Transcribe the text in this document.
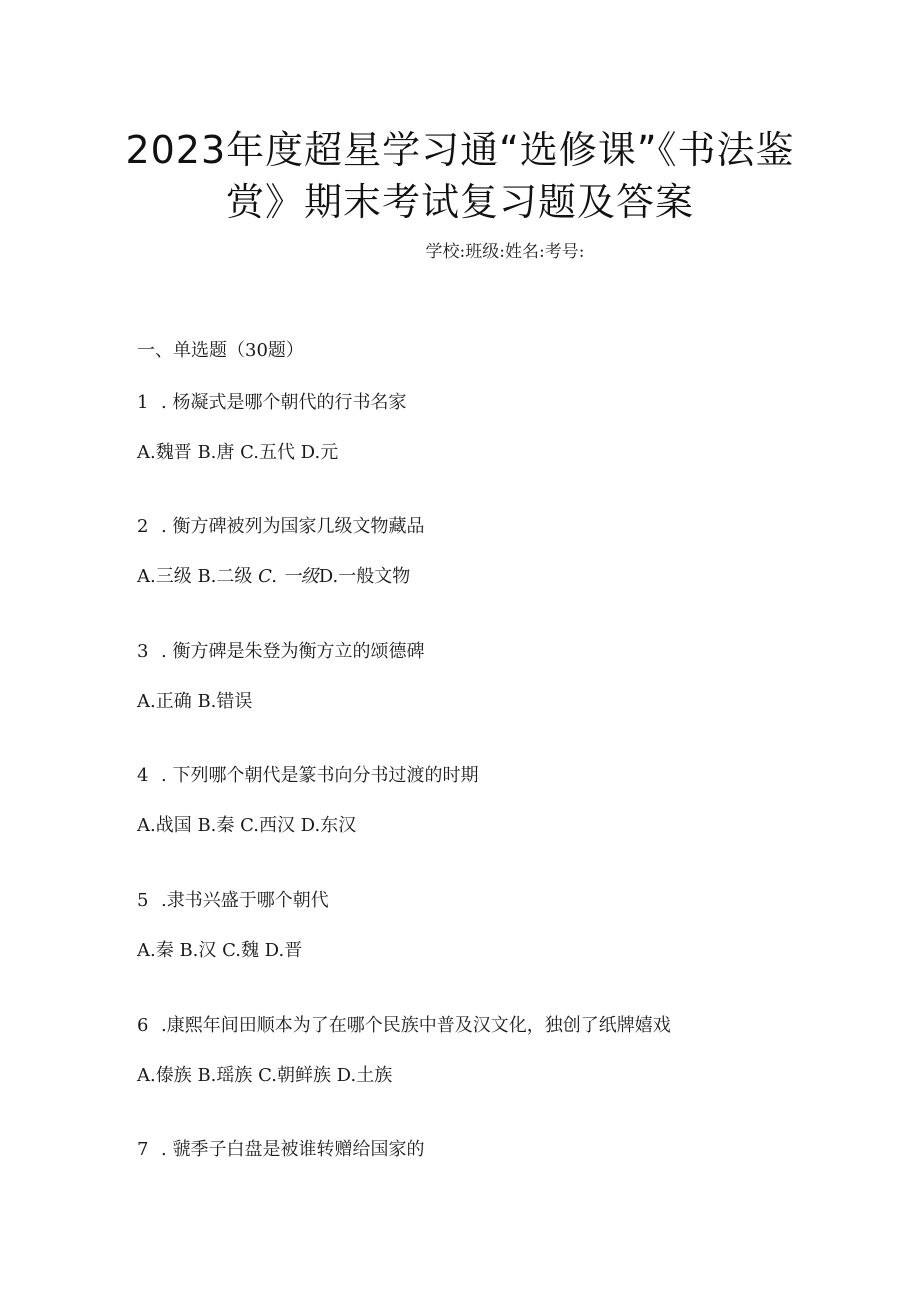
2023年度超星学习通“选修课”《书法鉴
赏》期末考试复习题及答案
学校:班级:姓名:考号:
一、单选题（30题）
1 . 杨凝式是哪个朝代的行书名家
A.魏晋 B.唐 C.五代 D.元
2 . 衡方碑被列为国家几级文物藏品
A.三级 B.二级 C. 一级D.一般文物
3 . 衡方碑是朱登为衡方立的颂德碑
A.正确 B.错误
4 . 下列哪个朝代是篆书向分书过渡的时期
A.战国 B.秦 C.西汉 D.东汉
5 .隶书兴盛于哪个朝代
A.秦 B.汉 C.魏 D.晋
6 .康熙年间田顺本为了在哪个民族中普及汉文化，独创了纸牌嬉戏
A.傣族 B.瑶族 C.朝鲜族 D.土族
7 . 虢季子白盘是被谁转赠给国家的
